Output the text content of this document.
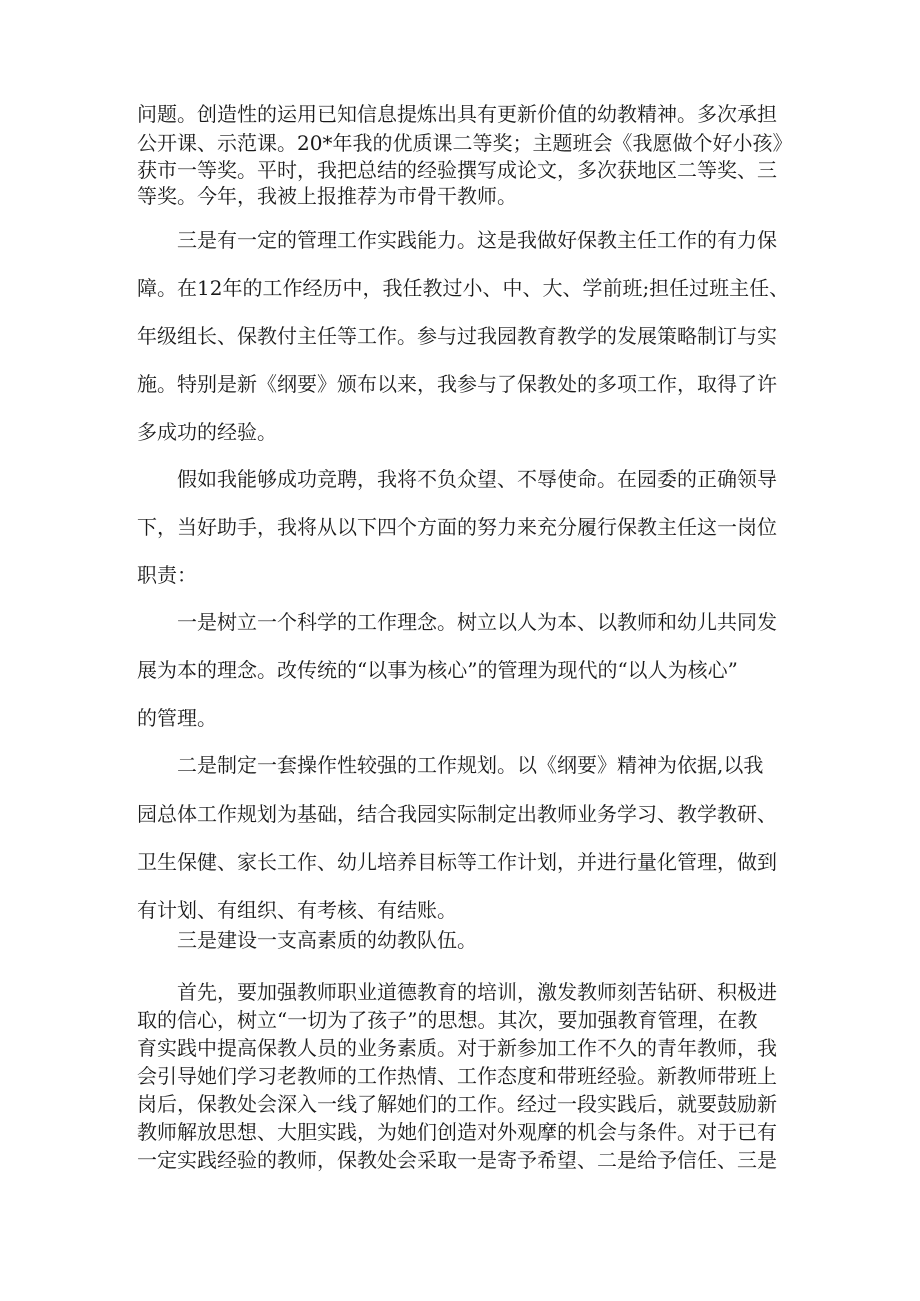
问题。创造性的运用已知信息提炼出具有更新价值的幼教精神。多次承担
公开课、示范课。20*年我的优质课二等奖；主题班会《我愿做个好小孩》
获市一等奖。平时，我把总结的经验撰写成论文，多次获地区二等奖、三
等奖。今年，我被上报推荐为市骨干教师。
三是有一定的管理工作实践能力。这是我做好保教主任工作的有力保
障。在12年的工作经历中，我任教过小、中、大、学前班;担任过班主任、
年级组长、保教付主任等工作。参与过我园教育教学的发展策略制订与实
施。特别是新《纲要》颁布以来，我参与了保教处的多项工作，取得了许
多成功的经验。
假如我能够成功竞聘，我将不负众望、不辱使命。在园委的正确领导
下，当好助手，我将从以下四个方面的努力来充分履行保教主任这一岗位
职责：
一是树立一个科学的工作理念。树立以人为本、以教师和幼儿共同发
展为本的理念。改传统的“以事为核心”的管理为现代的“以人为核心”
的管理。
二是制定一套操作性较强的工作规划。以《纲要》精神为依据,以我
园总体工作规划为基础，结合我园实际制定出教师业务学习、教学教研、
卫生保健、家长工作、幼儿培养目标等工作计划，并进行量化管理，做到
有计划、有组织、有考核、有结账。
三是建设一支高素质的幼教队伍。
首先，要加强教师职业道德教育的培训，激发教师刻苦钻研、积极进
取的信心，树立“一切为了孩子”的思想。其次，要加强教育管理，在教
育实践中提高保教人员的业务素质。对于新参加工作不久的青年教师，我
会引导她们学习老教师的工作热情、工作态度和带班经验。新教师带班上
岗后，保教处会深入一线了解她们的工作。经过一段实践后，就要鼓励新
教师解放思想、大胆实践，为她们创造对外观摩的机会与条件。对于已有
一定实践经验的教师，保教处会采取一是寄予希望、二是给予信任、三是
